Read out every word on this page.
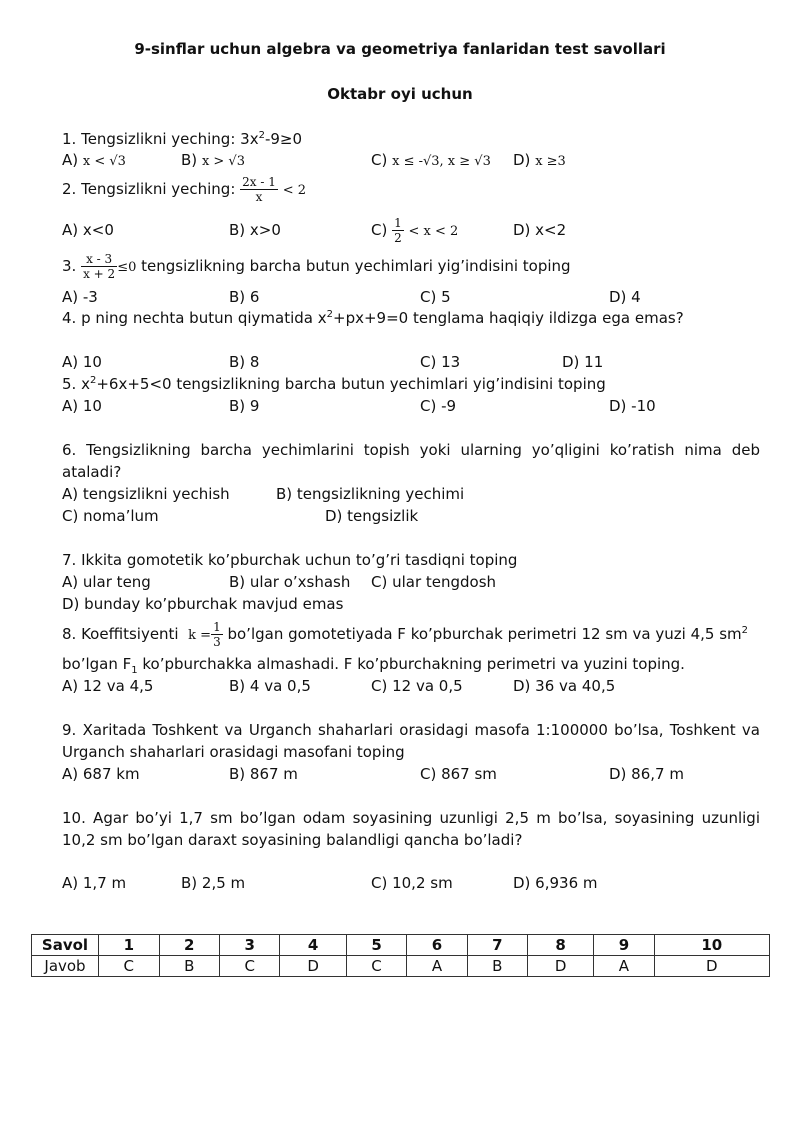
9-sinflar uchun algebra va geometriya fanlaridan test savollari
Oktabr oyi uchun
1. Tengsizlikni yeching: $3x^2-9\ge 0$
A) x < √3	B) x > √3	C) x ≤ -√3, x ≥ √3 D) x ≥3
2. Tengsizlikni yeching: $\frac{2x - 1}{x} < 2$
A) x<0	B) x>0	$C) \frac{1}{2} < x < 2$	D) x<2
3. $\frac{x - 3}{x + 2} \le 0$ tengsizlikning barcha butun yechimlari yig’indisini toping
A) -3	B) 6	C) 5	D) 4
4. p ning nechta butun qiymatida $x^2+px+9=0$ tenglama haqiqiy ildizga ega emas?
A) 10	B) 8	C) 13	D) 11
5. $x^2+6x+5<0$ tengsizlikning barcha butun yechimlari yig’indisini toping
A) 10	B) 9	C) -9	D) -10
6. Tengsizlikning barcha yechimlarini topish yoki ularning yo’qligini ko’ratish nima deb ataladi?
A) tengsizlikni yechish	B) tengsizlikning yechimi
C) noma’lum	D) tengsizlik
7. Ikkita gomotetik ko’pburchak uchun to’g’ri tasdiqni toping
A) ular teng	B) ular o’xshash C) ular tengdosh
D) bunday ko’pburchak mavjud emas
8. Koeffitsiyenti $k = \frac{1}{3}$ bo’lgan gomotetiyada F ko’pburchak perimetri 12 sm va yuzi 4,5 $sm^2$
bo’lgan $F_1$ ko’pburchakka almashadi. F ko’pburchakning perimetri va yuzini toping.
A) 12 va 4,5	B) 4 va 0,5	C) 12 va 0,5	D) 36 va 40,5
9. Xaritada Toshkent va Urganch shaharlari orasidagi masofa 1:100000 bo’lsa, Toshkent va Urganch shaharlari orasidagi masofani toping
A) 687 km	B) 867 m	C) 867 sm	D) 86,7 m
10. Agar bo’yi 1,7 sm bo’lgan odam soyasining uzunligi 2,5 m bo’lsa, soyasining uzunligi 10,2 sm bo’lgan daraxt soyasining balandligi qancha bo’ladi?
A) 1,7 m	B) 2,5 m	C) 10,2 sm	D) 6,936 m
Savol	1	2	3	4	5	6	7	8	9	10
Javob	C	B	C	D	C	A	B	D	A	D
